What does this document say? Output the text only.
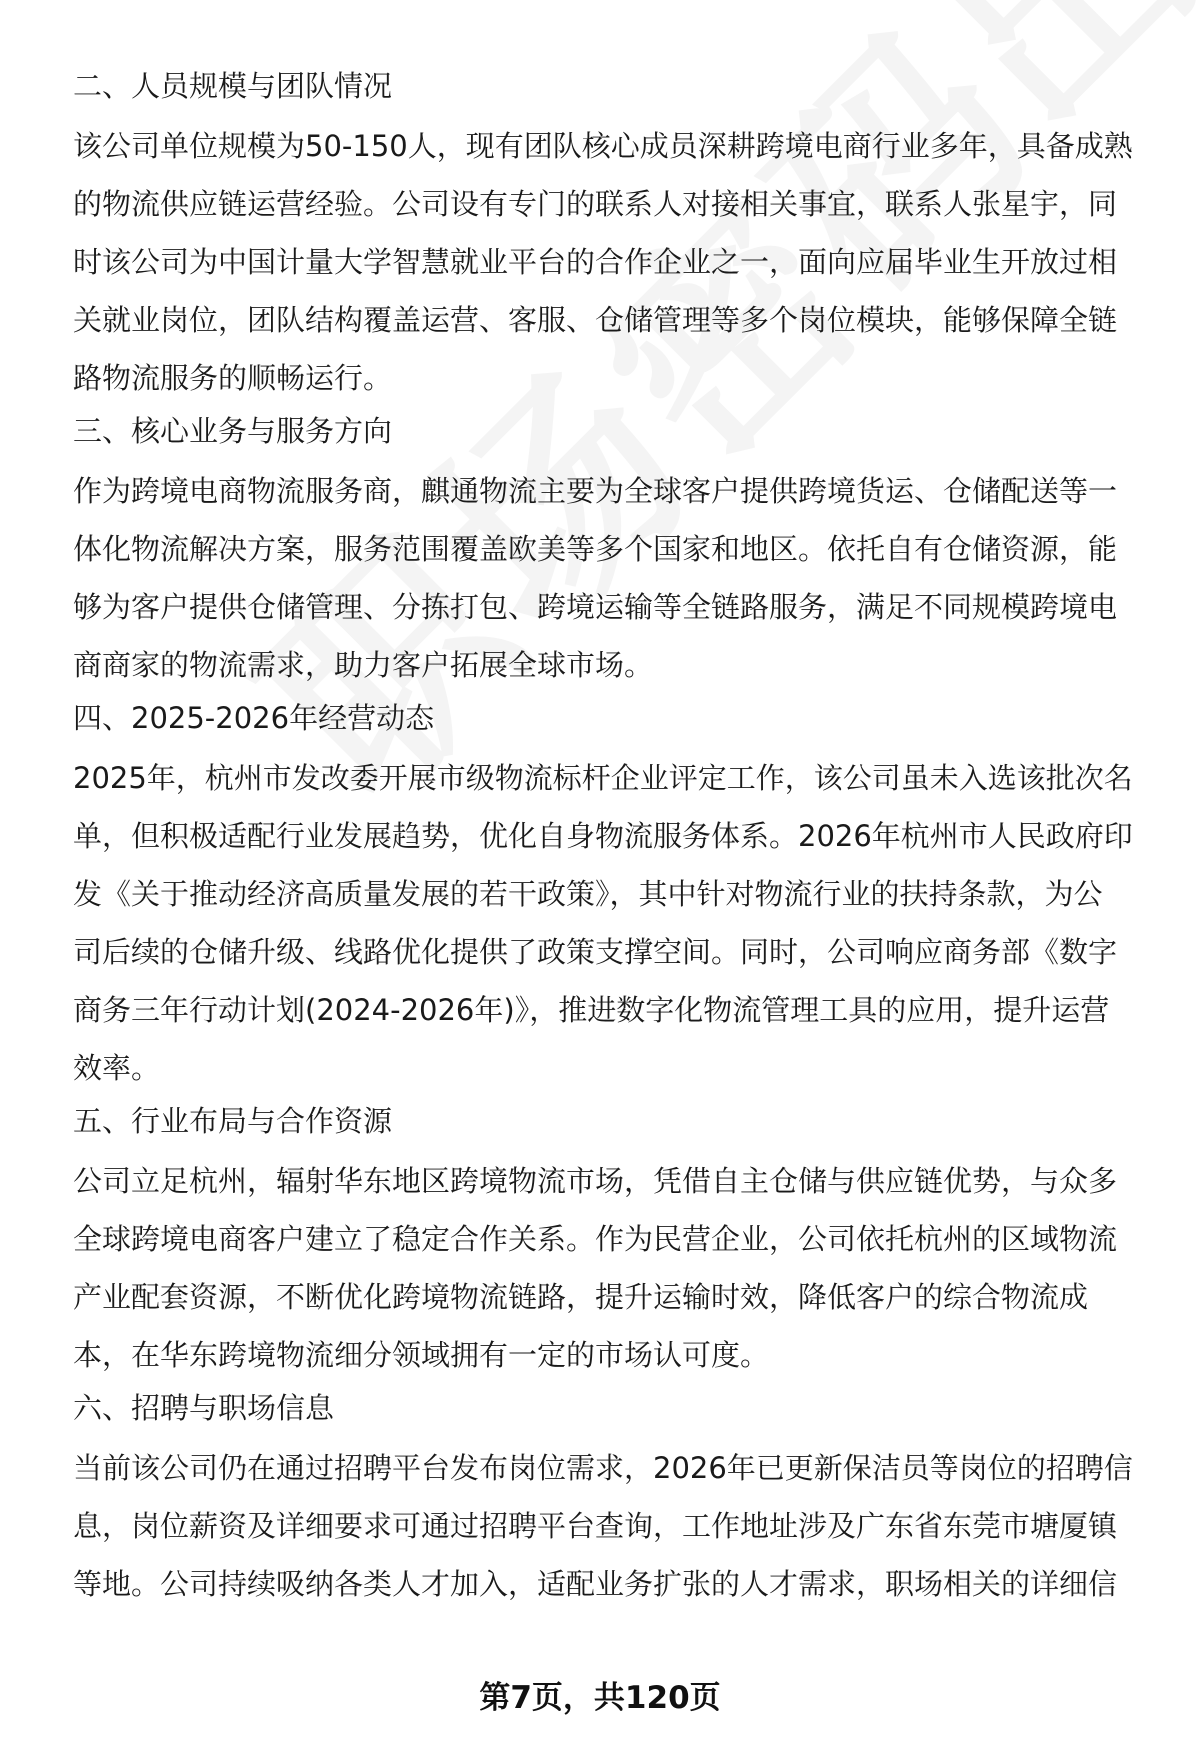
二、人员规模与团队情况

该公司单位规模为50-150人，现有团队核心成员深耕跨境电商行业多年，具备成熟
的物流供应链运营经验。公司设有专门的联系人对接相关事宜，联系人张星宇，同
时该公司为中国计量大学智慧就业平台的合作企业之一，面向应届毕业生开放过相
关就业岗位，团队结构覆盖运营、客服、仓储管理等多个岗位模块，能够保障全链
路物流服务的顺畅运行。

三、核心业务与服务方向

作为跨境电商物流服务商，麒通物流主要为全球客户提供跨境货运、仓储配送等一
体化物流解决方案，服务范围覆盖欧美等多个国家和地区。依托自有仓储资源，能
够为客户提供仓储管理、分拣打包、跨境运输等全链路服务，满足不同规模跨境电
商商家的物流需求，助力客户拓展全球市场。

四、2025-2026年经营动态

2025年，杭州市发改委开展市级物流标杆企业评定工作，该公司虽未入选该批次名
单，但积极适配行业发展趋势，优化自身物流服务体系。2026年杭州市人民政府印
发《关于推动经济高质量发展的若干政策》，其中针对物流行业的扶持条款，为公
司后续的仓储升级、线路优化提供了政策支撑空间。同时，公司响应商务部《数字
商务三年行动计划(2024-2026年)》，推进数字化物流管理工具的应用，提升运营
效率。

五、行业布局与合作资源

公司立足杭州，辐射华东地区跨境物流市场，凭借自主仓储与供应链优势，与众多
全球跨境电商客户建立了稳定合作关系。作为民营企业，公司依托杭州的区域物流
产业配套资源，不断优化跨境物流链路，提升运输时效，降低客户的综合物流成
本，在华东跨境物流细分领域拥有一定的市场认可度。

六、招聘与职场信息

当前该公司仍在通过招聘平台发布岗位需求，2026年已更新保洁员等岗位的招聘信
息，岗位薪资及详细要求可通过招聘平台查询，工作地址涉及广东省东莞市塘厦镇
等地。公司持续吸纳各类人才加入，适配业务扩张的人才需求，职场相关的详细信

第7页，共120页
